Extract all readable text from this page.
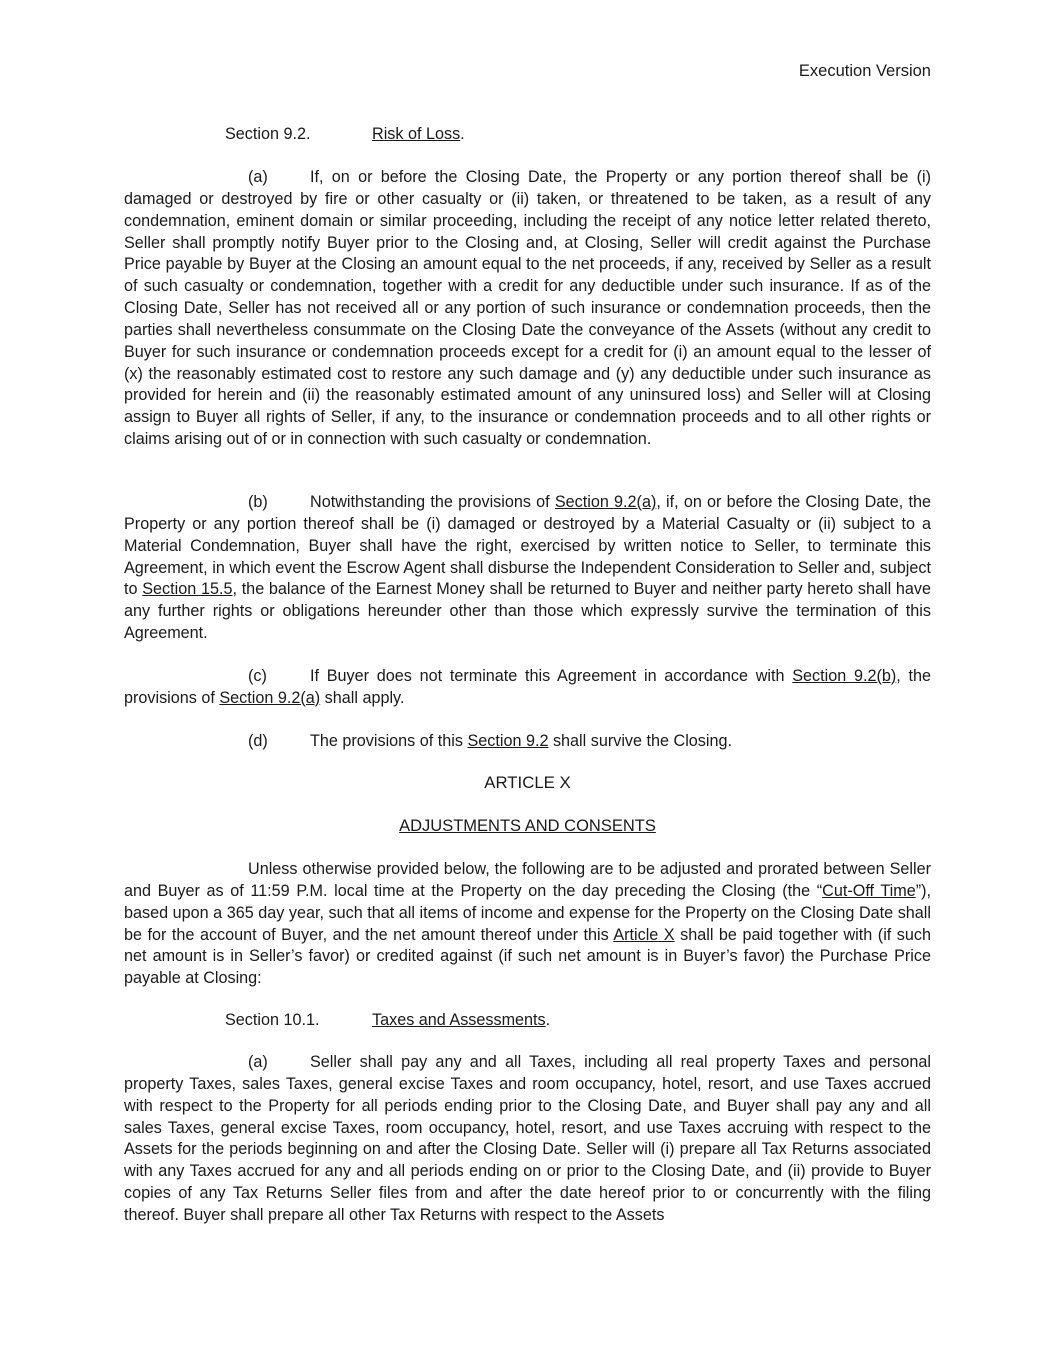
Execution Version
Section 9.2.	Risk of Loss.
(a)	If, on or before the Closing Date, the Property or any portion thereof shall be (i) damaged or destroyed by fire or other casualty or (ii) taken, or threatened to be taken, as a result of any condemnation, eminent domain or similar proceeding, including the receipt of any notice letter related thereto, Seller shall promptly notify Buyer prior to the Closing and, at Closing, Seller will credit against the Purchase Price payable by Buyer at the Closing an amount equal to the net proceeds, if any, received by Seller as a result of such casualty or condemnation, together with a credit for any deductible under such insurance. If as of the Closing Date, Seller has not received all or any portion of such insurance or condemnation proceeds, then the parties shall nevertheless consummate on the Closing Date the conveyance of the Assets (without any credit to Buyer for such insurance or condemnation proceeds except for a credit for (i) an amount equal to the lesser of (x) the reasonably estimated cost to restore any such damage and (y) any deductible under such insurance as provided for herein and (ii) the reasonably estimated amount of any uninsured loss) and Seller will at Closing assign to Buyer all rights of Seller, if any, to the insurance or condemnation proceeds and to all other rights or claims arising out of or in connection with such casualty or condemnation.
(b)	Notwithstanding the provisions of Section 9.2(a), if, on or before the Closing Date, the Property or any portion thereof shall be (i) damaged or destroyed by a Material Casualty or (ii) subject to a Material Condemnation, Buyer shall have the right, exercised by written notice to Seller, to terminate this Agreement, in which event the Escrow Agent shall disburse the Independent Consideration to Seller and, subject to Section 15.5, the balance of the Earnest Money shall be returned to Buyer and neither party hereto shall have any further rights or obligations hereunder other than those which expressly survive the termination of this Agreement.
(c)	If Buyer does not terminate this Agreement in accordance with Section 9.2(b), the provisions of Section 9.2(a) shall apply.
(d)	The provisions of this Section 9.2 shall survive the Closing.
ARTICLE X
ADJUSTMENTS AND CONSENTS
Unless otherwise provided below, the following are to be adjusted and prorated between Seller and Buyer as of 11:59 P.M. local time at the Property on the day preceding the Closing (the “Cut-Off Time”), based upon a 365 day year, such that all items of income and expense for the Property on the Closing Date shall be for the account of Buyer, and the net amount thereof under this Article X shall be paid together with (if such net amount is in Seller’s favor) or credited against (if such net amount is in Buyer’s favor) the Purchase Price payable at Closing:
Section 10.1.	Taxes and Assessments.
(a)	Seller shall pay any and all Taxes, including all real property Taxes and personal property Taxes, sales Taxes, general excise Taxes and room occupancy, hotel, resort, and use Taxes accrued with respect to the Property for all periods ending prior to the Closing Date, and Buyer shall pay any and all sales Taxes, general excise Taxes, room occupancy, hotel, resort, and use Taxes accruing with respect to the Assets for the periods beginning on and after the Closing Date. Seller will (i) prepare all Tax Returns associated with any Taxes accrued for any and all periods ending on or prior to the Closing Date, and (ii) provide to Buyer copies of any Tax Returns Seller files from and after the date hereof prior to or concurrently with the filing thereof. Buyer shall prepare all other Tax Returns with respect to the Assets
